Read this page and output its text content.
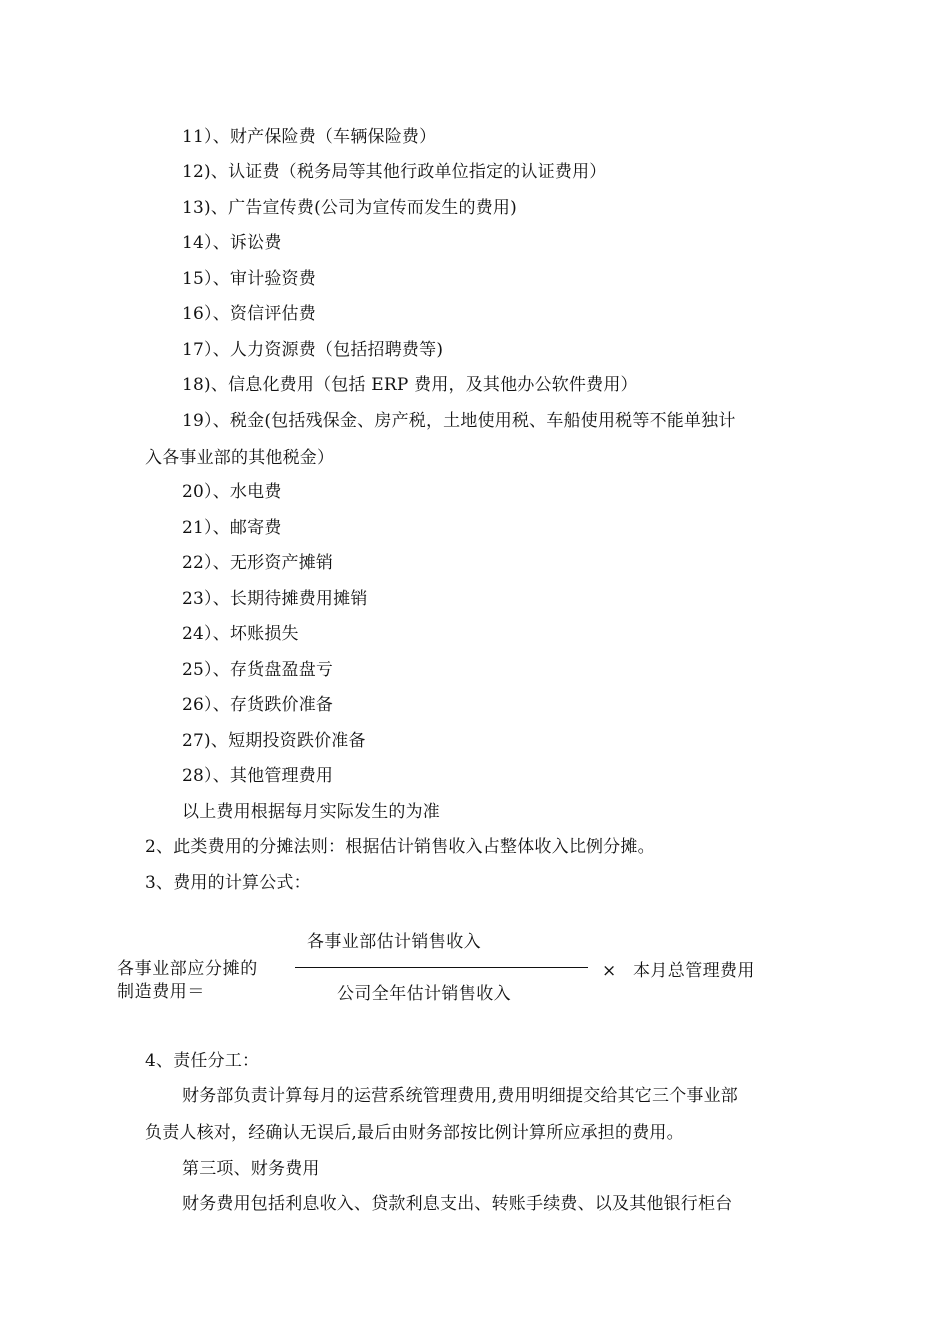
11）、财产保险费（车辆保险费）
12)、认证费（税务局等其他行政单位指定的认证费用）
13)、广告宣传费(公司为宣传而发生的费用)
14）、诉讼费
15）、审计验资费
16）、资信评估费
17）、人力资源费（包括招聘费等)
18)、信息化费用（包括 ERP 费用，及其他办公软件费用）
19）、税金(包括残保金、房产税，土地使用税、车船使用税等不能单独计
入各事业部的其他税金）
20）、水电费
21）、邮寄费
22）、无形资产摊销
23）、长期待摊费用摊销
24）、坏账损失
25）、存货盘盈盘亏
26）、存货跌价准备
27)、短期投资跌价准备
28）、其他管理费用
以上费用根据每月实际发生的为准
2、此类费用的分摊法则：根据估计销售收入占整体收入比例分摊。
3、费用的计算公式：
各事业部应分摊的
制造费用＝
各事业部估计销售收入
公司全年估计销售收入
× 本月总管理费用
4、责任分工：
财务部负责计算每月的运营系统管理费用,费用明细提交给其它三个事业部
负责人核对，经确认无误后,最后由财务部按比例计算所应承担的费用。
第三项、财务费用
财务费用包括利息收入、贷款利息支出、转账手续费、以及其他银行柜台
